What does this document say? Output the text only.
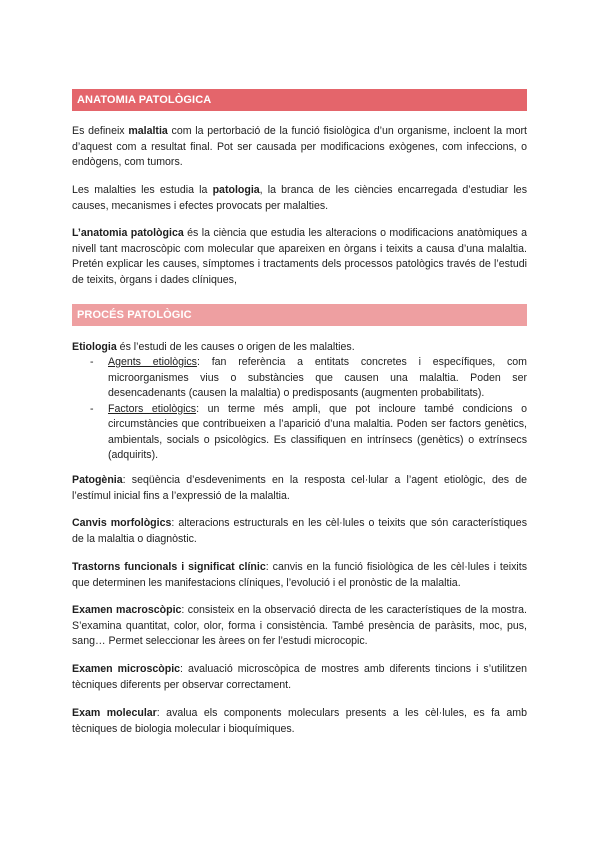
ANATOMIA PATOLÒGICA

Es defineix malaltia com la pertorbació de la funció fisiològica d’un organisme, incloent la mort d’aquest com a resultat final. Pot ser causada per modificacions exògenes, com infeccions, o endògens, com tumors.

Les malalties les estudia la patologia, la branca de les ciències encarregada d’estudiar les causes, mecanismes i efectes provocats per malalties.

L’anatomia patològica és la ciència que estudia les alteracions o modificacions anatòmiques a nivell tant macroscòpic com molecular que apareixen en òrgans i teixits a causa d’una malaltia. Pretén explicar les causes, símptomes i tractaments dels processos patològics través de l’estudi de teixits, òrgans i dades clíniques,

PROCÉS PATOLÒGIC

Etiologia és l’estudi de les causes o origen de les malalties.

- Agents etiològics: fan referència a entitats concretes i específiques, com microorganismes vius o substàncies que causen una malaltia. Poden ser desencadenants (causen la malaltia) o predisposants (augmenten probabilitats).
- Factors etiològics: un terme més ampli, que pot incloure també condicions o circumstàncies que contribueixen a l’aparició d’una malaltia. Poden ser factors genètics, ambientals, socials o psicològics. Es classifiquen en intrínsecs (genètics) o extrínsecs (adquirits).

Patogènia: seqüència d’esdeveniments en la resposta cel·lular a l’agent etiològic, des de l’estímul inicial fins a l’expressió de la malaltia.

Canvis morfològics: alteracions estructurals en les cèl·lules o teixits que són característiques de la malaltia o diagnòstic.

Trastorns funcionals i significat clínic: canvis en la funció fisiològica de les cèl·lules i teixits que determinen les manifestacions clíniques, l’evolució i el pronòstic de la malaltia.

Examen macroscòpic: consisteix en la observació directa de les característiques de la mostra. S’examina quantitat, color, olor, forma i consistència. També presència de paràsits, moc, pus, sang… Permet seleccionar les àrees on fer l’estudi microcopic.

Examen microscòpic: avaluació microscòpica de mostres amb diferents tincions i s’utilitzen tècniques diferents per observar correctament.

Exam molecular: avalua els components moleculars presents a les cèl·lules, es fa amb tècniques de biologia molecular i bioquímiques.
